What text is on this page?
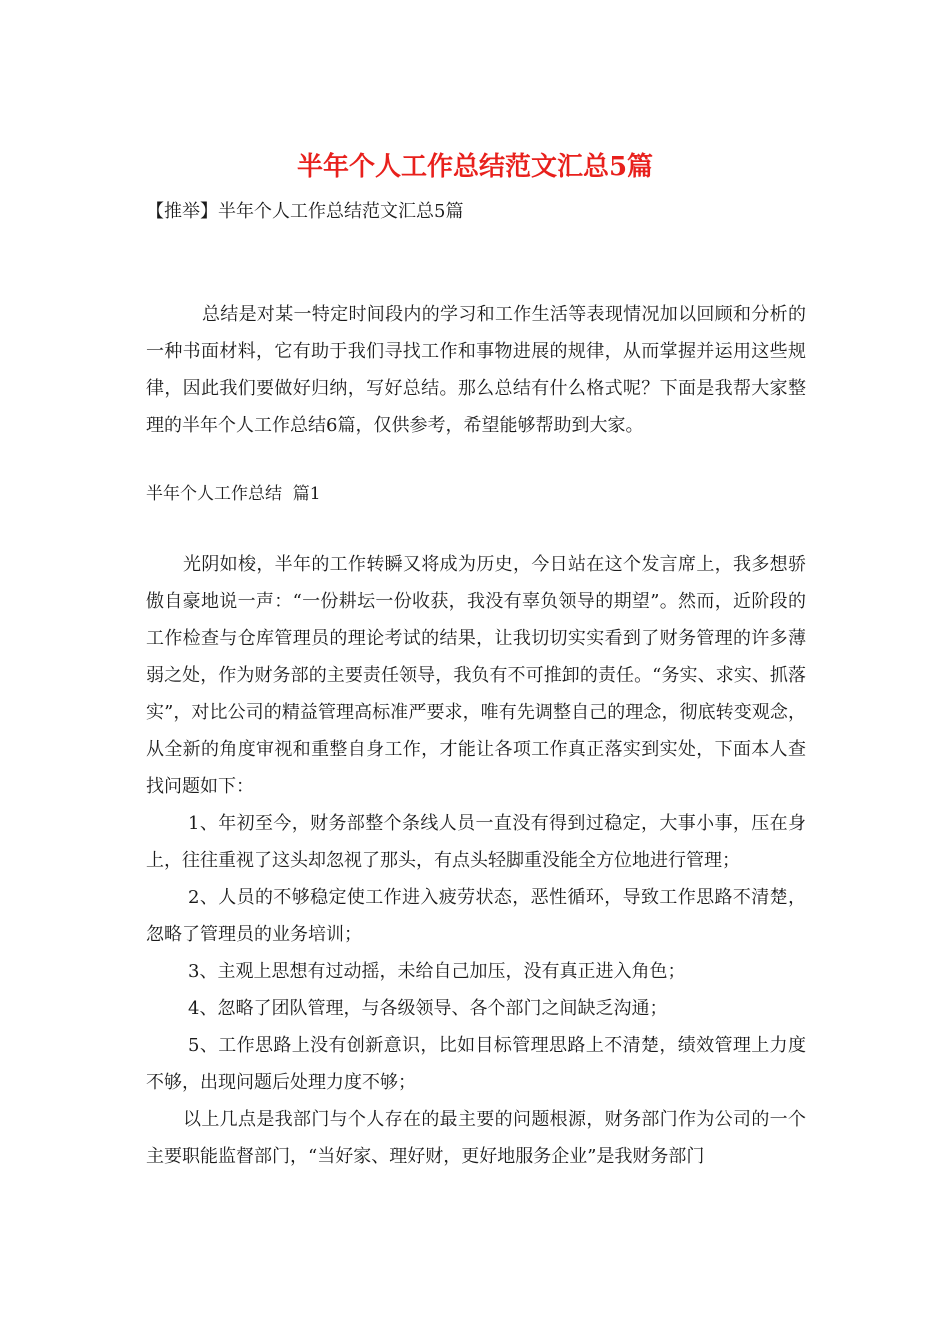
半年个人工作总结范文汇总5篇
【推举】半年个人工作总结范文汇总5篇

总结是对某一特定时间段内的学习和工作生活等表现情况加以回顾和分析的一种书面材料，它有助于我们寻找工作和事物进展的规律，从而掌握并运用这些规律，因此我们要做好归纳，写好总结。那么总结有什么格式呢？下面是我帮大家整理的半年个人工作总结6篇，仅供参考，希望能够帮助到大家。

半年个人工作总结  篇1

光阴如梭，半年的工作转瞬又将成为历史，今日站在这个发言席上，我多想骄傲自豪地说一声：“一份耕坛一份收获，我没有辜负领导的期望”。然而，近阶段的工作检查与仓库管理员的理论考试的结果，让我切切实实看到了财务管理的许多薄弱之处，作为财务部的主要责任领导，我负有不可推卸的责任。“务实、求实、抓落实”，对比公司的精益管理高标准严要求，唯有先调整自己的理念，彻底转变观念，从全新的角度审视和重整自身工作，才能让各项工作真正落实到实处，下面本人查找问题如下：

1、年初至今，财务部整个条线人员一直没有得到过稳定，大事小事，压在身上，往往重视了这头却忽视了那头，有点头轻脚重没能全方位地进行管理；

2、人员的不够稳定使工作进入疲劳状态，恶性循环，导致工作思路不清楚，忽略了管理员的业务培训；

3、主观上思想有过动摇，未给自己加压，没有真正进入角色；

4、忽略了团队管理，与各级领导、各个部门之间缺乏沟通；

5、工作思路上没有创新意识，比如目标管理思路上不清楚，绩效管理上力度不够，出现问题后处理力度不够；

以上几点是我部门与个人存在的最主要的问题根源，财务部门作为公司的一个主要职能监督部门，“当好家、理好财，更好地服务企业”是我财务部门
